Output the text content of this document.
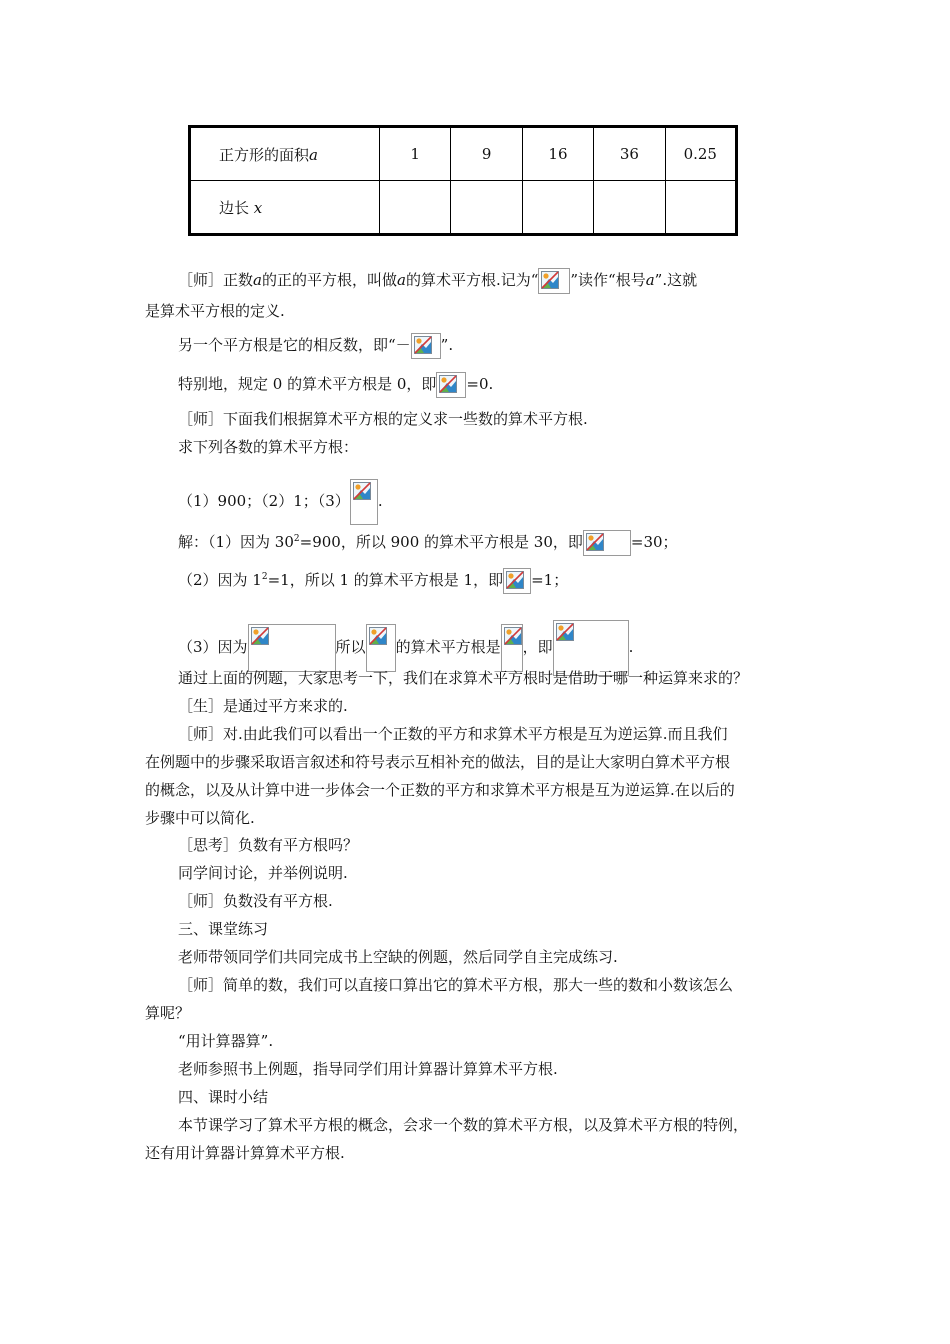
正方形的面积a	1	9	16	36	0.25
边长 x					
［师］正数a的正的平方根，叫做a的算术平方根.记为“ ”读作“根号a”.这就
是算术平方根的定义.
另一个平方根是它的相反数，即“－ ”.
特别地，规定 0 的算术平方根是 0，即 =0.
［师］下面我们根据算术平方根的定义求一些数的算术平方根.
求下列各数的算术平方根：
（1）900；（2）1；（3） .
解：（1）因为 $30^2=900$，所以 900 的算术平方根是 30，即	=30；
（2）因为 $1^2=1$，所以 1 的算术平方根是 1，即 =1；
（3）因为	所以 的算术平方根是 ，即	.
通过上面的例题，大家思考一下，我们在求算术平方根时是借助于哪一种运算来求的？
［生］是通过平方来求的.
［师］对.由此我们可以看出一个正数的平方和求算术平方根是互为逆运算.而且我们
在例题中的步骤采取语言叙述和符号表示互相补充的做法，目的是让大家明白算术平方根
的概念，以及从计算中进一步体会一个正数的平方和求算术平方根是互为逆运算.在以后的
步骤中可以简化.
［思考］负数有平方根吗？
同学间讨论，并举例说明.
［师］负数没有平方根.
三、课堂练习
老师带领同学们共同完成书上空缺的例题，然后同学自主完成练习.
［师］简单的数，我们可以直接口算出它的算术平方根，那大一些的数和小数该怎么
算呢？
“用计算器算”.
老师参照书上例题，指导同学们用计算器计算算术平方根.
四、课时小结
本节课学习了算术平方根的概念，会求一个数的算术平方根，以及算术平方根的特例，
还有用计算器计算算术平方根.
